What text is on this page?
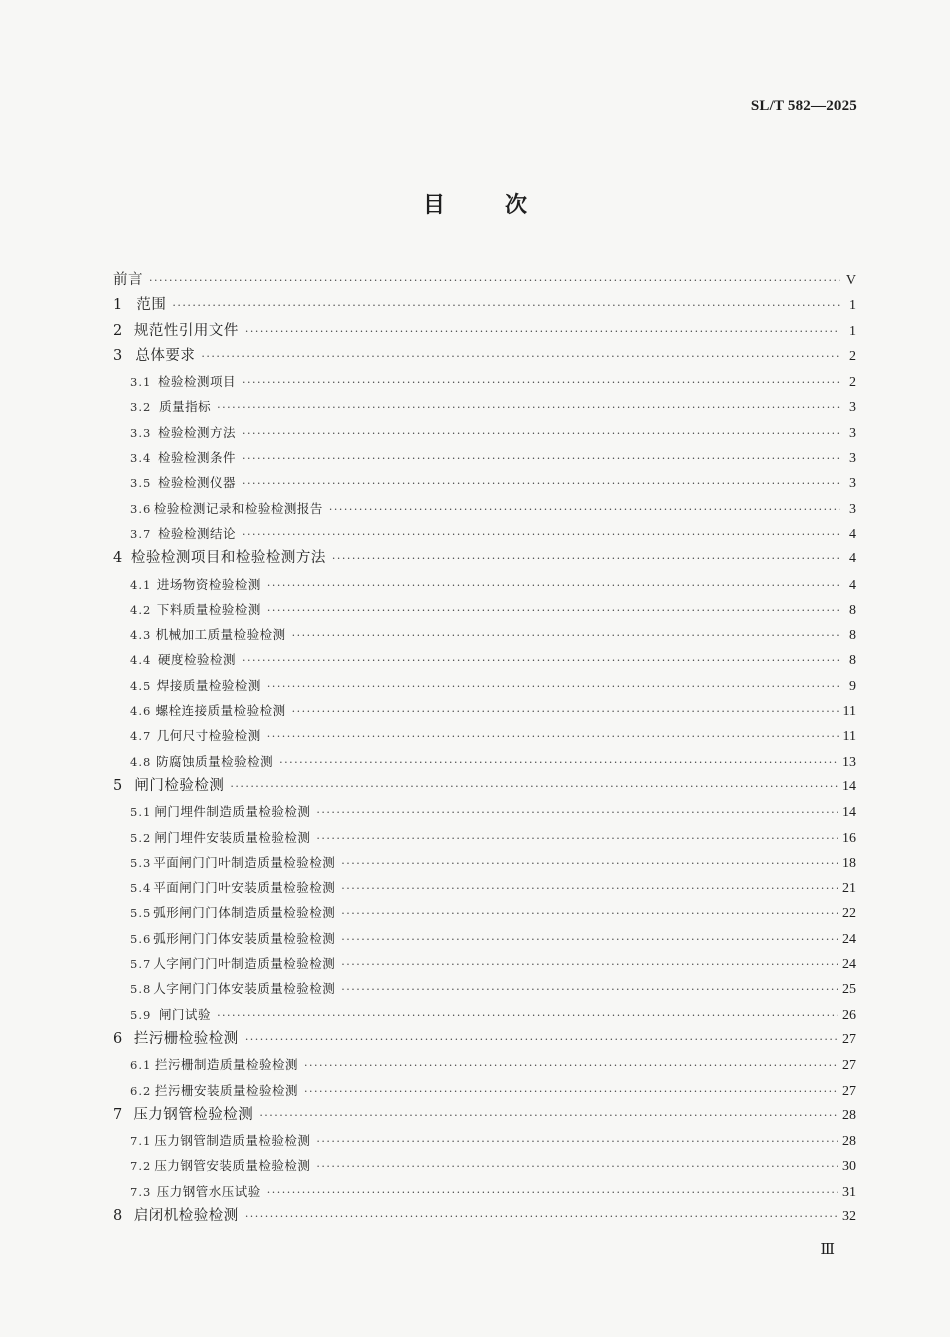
SL/T 582—2025
目	次
前言 ·····	V
1 范围 ·····	1
2 规范性引用文件 ·····	1
3 总体要求 ·····	2
3.1 检验检测项目 ·····	2
3.2 质量指标 ·····	3
3.3 检验检测方法 ·····	3
3.4 检验检测条件 ·····	3
3.5 检验检测仪器 ·····	3
3.6 检验检测记录和检验检测报告 ·····	3
3.7 检验检测结论 ·····	4
4 检验检测项目和检验检测方法 ·····	4
4.1 进场物资检验检测 ·····	4
4.2 下料质量检验检测 ·····	8
4.3 机械加工质量检验检测 ·····	8
4.4 硬度检验检测 ·····	8
4.5 焊接质量检验检测 ·····	9
4.6 螺栓连接质量检验检测 ·····	11
4.7 几何尺寸检验检测 ·····	11
4.8 防腐蚀质量检验检测 ·····	13
5 闸门检验检测 ·····	14
5.1 闸门埋件制造质量检验检测 ·····	14
5.2 闸门埋件安装质量检验检测 ·····	16
5.3 平面闸门门叶制造质量检验检测 ·····	18
5.4 平面闸门门叶安装质量检验检测 ·····	21
5.5 弧形闸门门体制造质量检验检测 ·····	22
5.6 弧形闸门门体安装质量检验检测 ·····	24
5.7 人字闸门门叶制造质量检验检测 ·····	24
5.8 人字闸门门体安装质量检验检测 ·····	25
5.9 闸门试验 ·····	26
6 拦污栅检验检测 ·····	27
6.1 拦污栅制造质量检验检测 ·····	27
6.2 拦污栅安装质量检验检测 ·····	27
7 压力钢管检验检测 ·····	28
7.1 压力钢管制造质量检验检测 ·····	28
7.2 压力钢管安装质量检验检测 ·····	30
7.3 压力钢管水压试验 ·····	31
8 启闭机检验检测 ·····	32
Ⅲ
